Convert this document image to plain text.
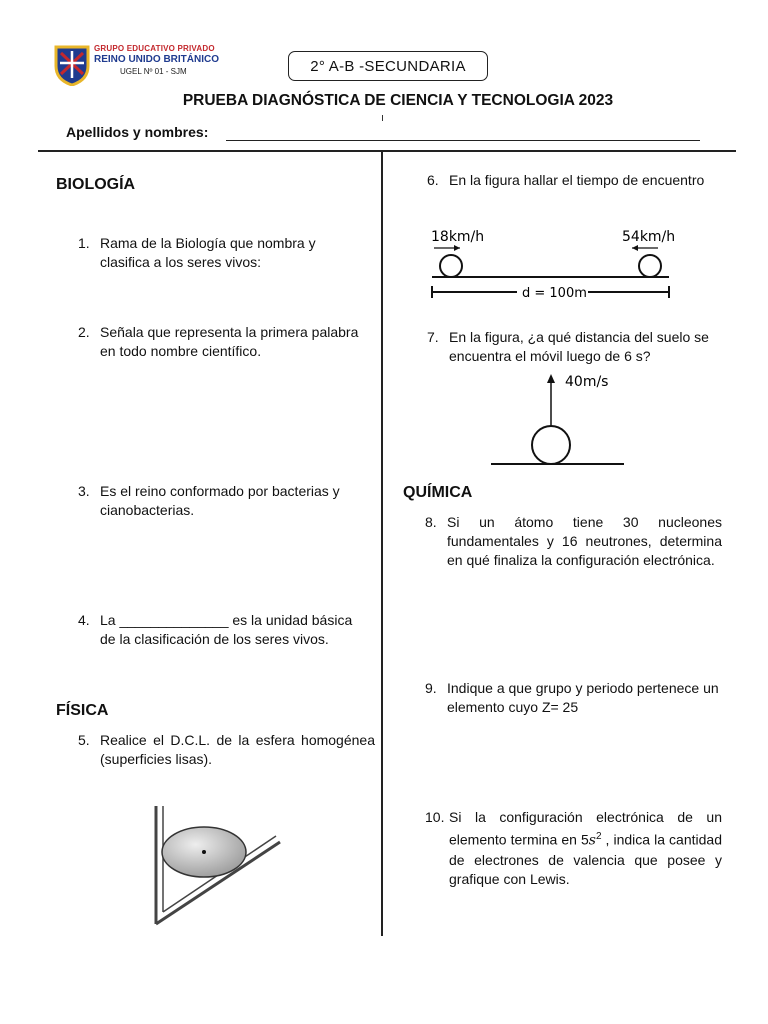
GRUPO EDUCATIVO PRIVADO
REINO UNIDO BRITÁNICO
UGEL Nº 01 - SJM	2° A-B -SECUNDARIA
PRUEBA DIAGNÓSTICA DE CIENCIA Y TECNOLOGIA 2023
Apellidos y nombres:
BIOLOGÍA
1. Rama de la Biología que nombra y clasifica a los seres vivos:
2. Señala que representa la primera palabra en todo nombre científico.
3. Es el reino conformado por bacterias y cianobacterias.
4. La ______________ es la unidad básica de la clasificación de los seres vivos.
FÍSICA
5. Realice el D.C.L. de la esfera homogénea (superficies lisas).
6. En la figura hallar el tiempo de encuentro
18km/h	54km/h
d = 100m
7. En la figura, ¿a qué distancia del suelo se encuentra el móvil luego de 6 s?
40m/s
QUÍMICA
8. Si un átomo tiene 30 nucleones fundamentales y 16 neutrones, determina en qué finaliza la configuración electrónica.
9. Indique a que grupo y periodo pertenece un elemento cuyo Z= 25
10. Si la configuración electrónica de un elemento termina en $5s^2$ , indica la cantidad de electrones de valencia que posee y grafique con Lewis.
